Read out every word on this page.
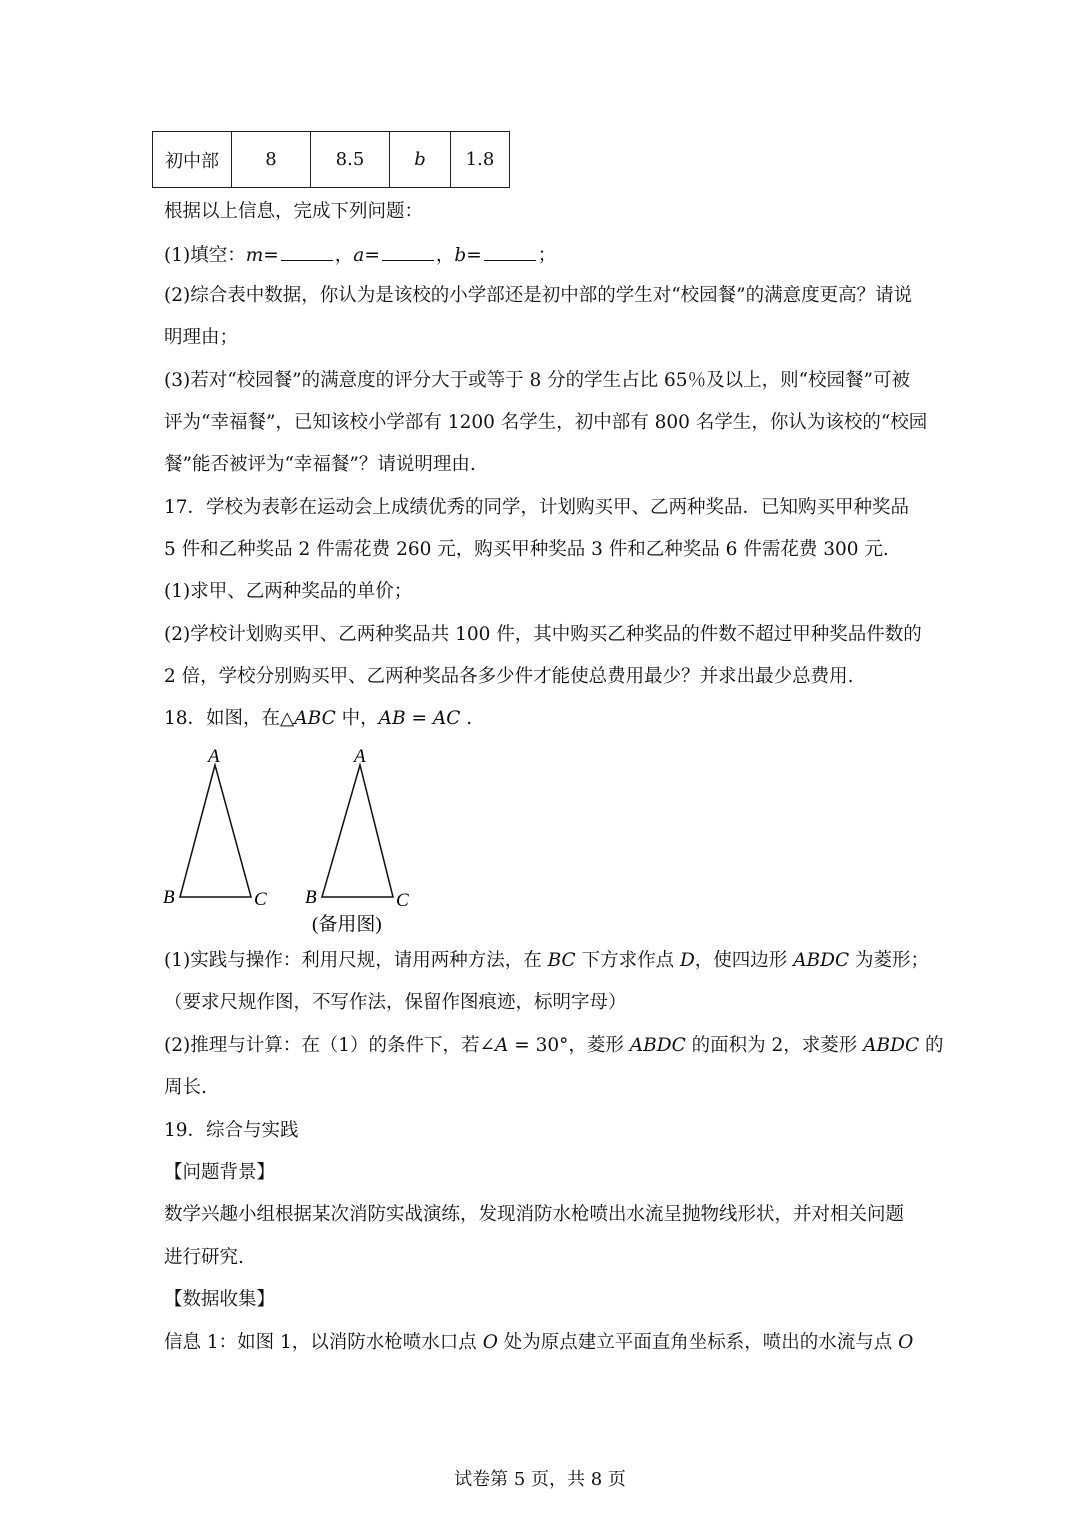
初中部	8	8.5	b	1.8
根据以上信息，完成下列问题：
(1)填空：m=	，a=	，b=	；
(2)综合表中数据，你认为是该校的小学部还是初中部的学生对“校园餐”的满意度更高？请说
明理由；
(3)若对“校园餐”的满意度的评分大于或等于 8 分的学生占比 65％及以上，则“校园餐”可被
评为“幸福餐”，已知该校小学部有 1200 名学生，初中部有 800 名学生，你认为该校的“校园
餐”能否被评为“幸福餐”？请说明理由.
17．学校为表彰在运动会上成绩优秀的同学，计划购买甲、乙两种奖品．已知购买甲种奖品
5 件和乙种奖品 2 件需花费 260 元，购买甲种奖品 3 件和乙种奖品 6 件需花费 300 元.
(1)求甲、乙两种奖品的单价；
(2)学校计划购买甲、乙两种奖品共 100 件，其中购买乙种奖品的件数不超过甲种奖品件数的
2 倍，学校分别购买甲、乙两种奖品各多少件才能使总费用最少？并求出最少总费用.
18．如图，在△ABC 中，AB = AC .
A
B	C
A
B	C
(备用图)
(1)实践与操作：利用尺规，请用两种方法，在 BC 下方求作点 D，使四边形 ABDC 为菱形；
（要求尺规作图，不写作法，保留作图痕迹，标明字母）
(2)推理与计算：在（1）的条件下，若∠A = 30°，菱形 ABDC 的面积为 2，求菱形 ABDC 的
周长.
19．综合与实践
【问题背景】
数学兴趣小组根据某次消防实战演练，发现消防水枪喷出水流呈抛物线形状，并对相关问题
进行研究.
【数据收集】
信息 1：如图 1，以消防水枪喷水口点 O 处为原点建立平面直角坐标系，喷出的水流与点 O
试卷第 5 页，共 8 页
